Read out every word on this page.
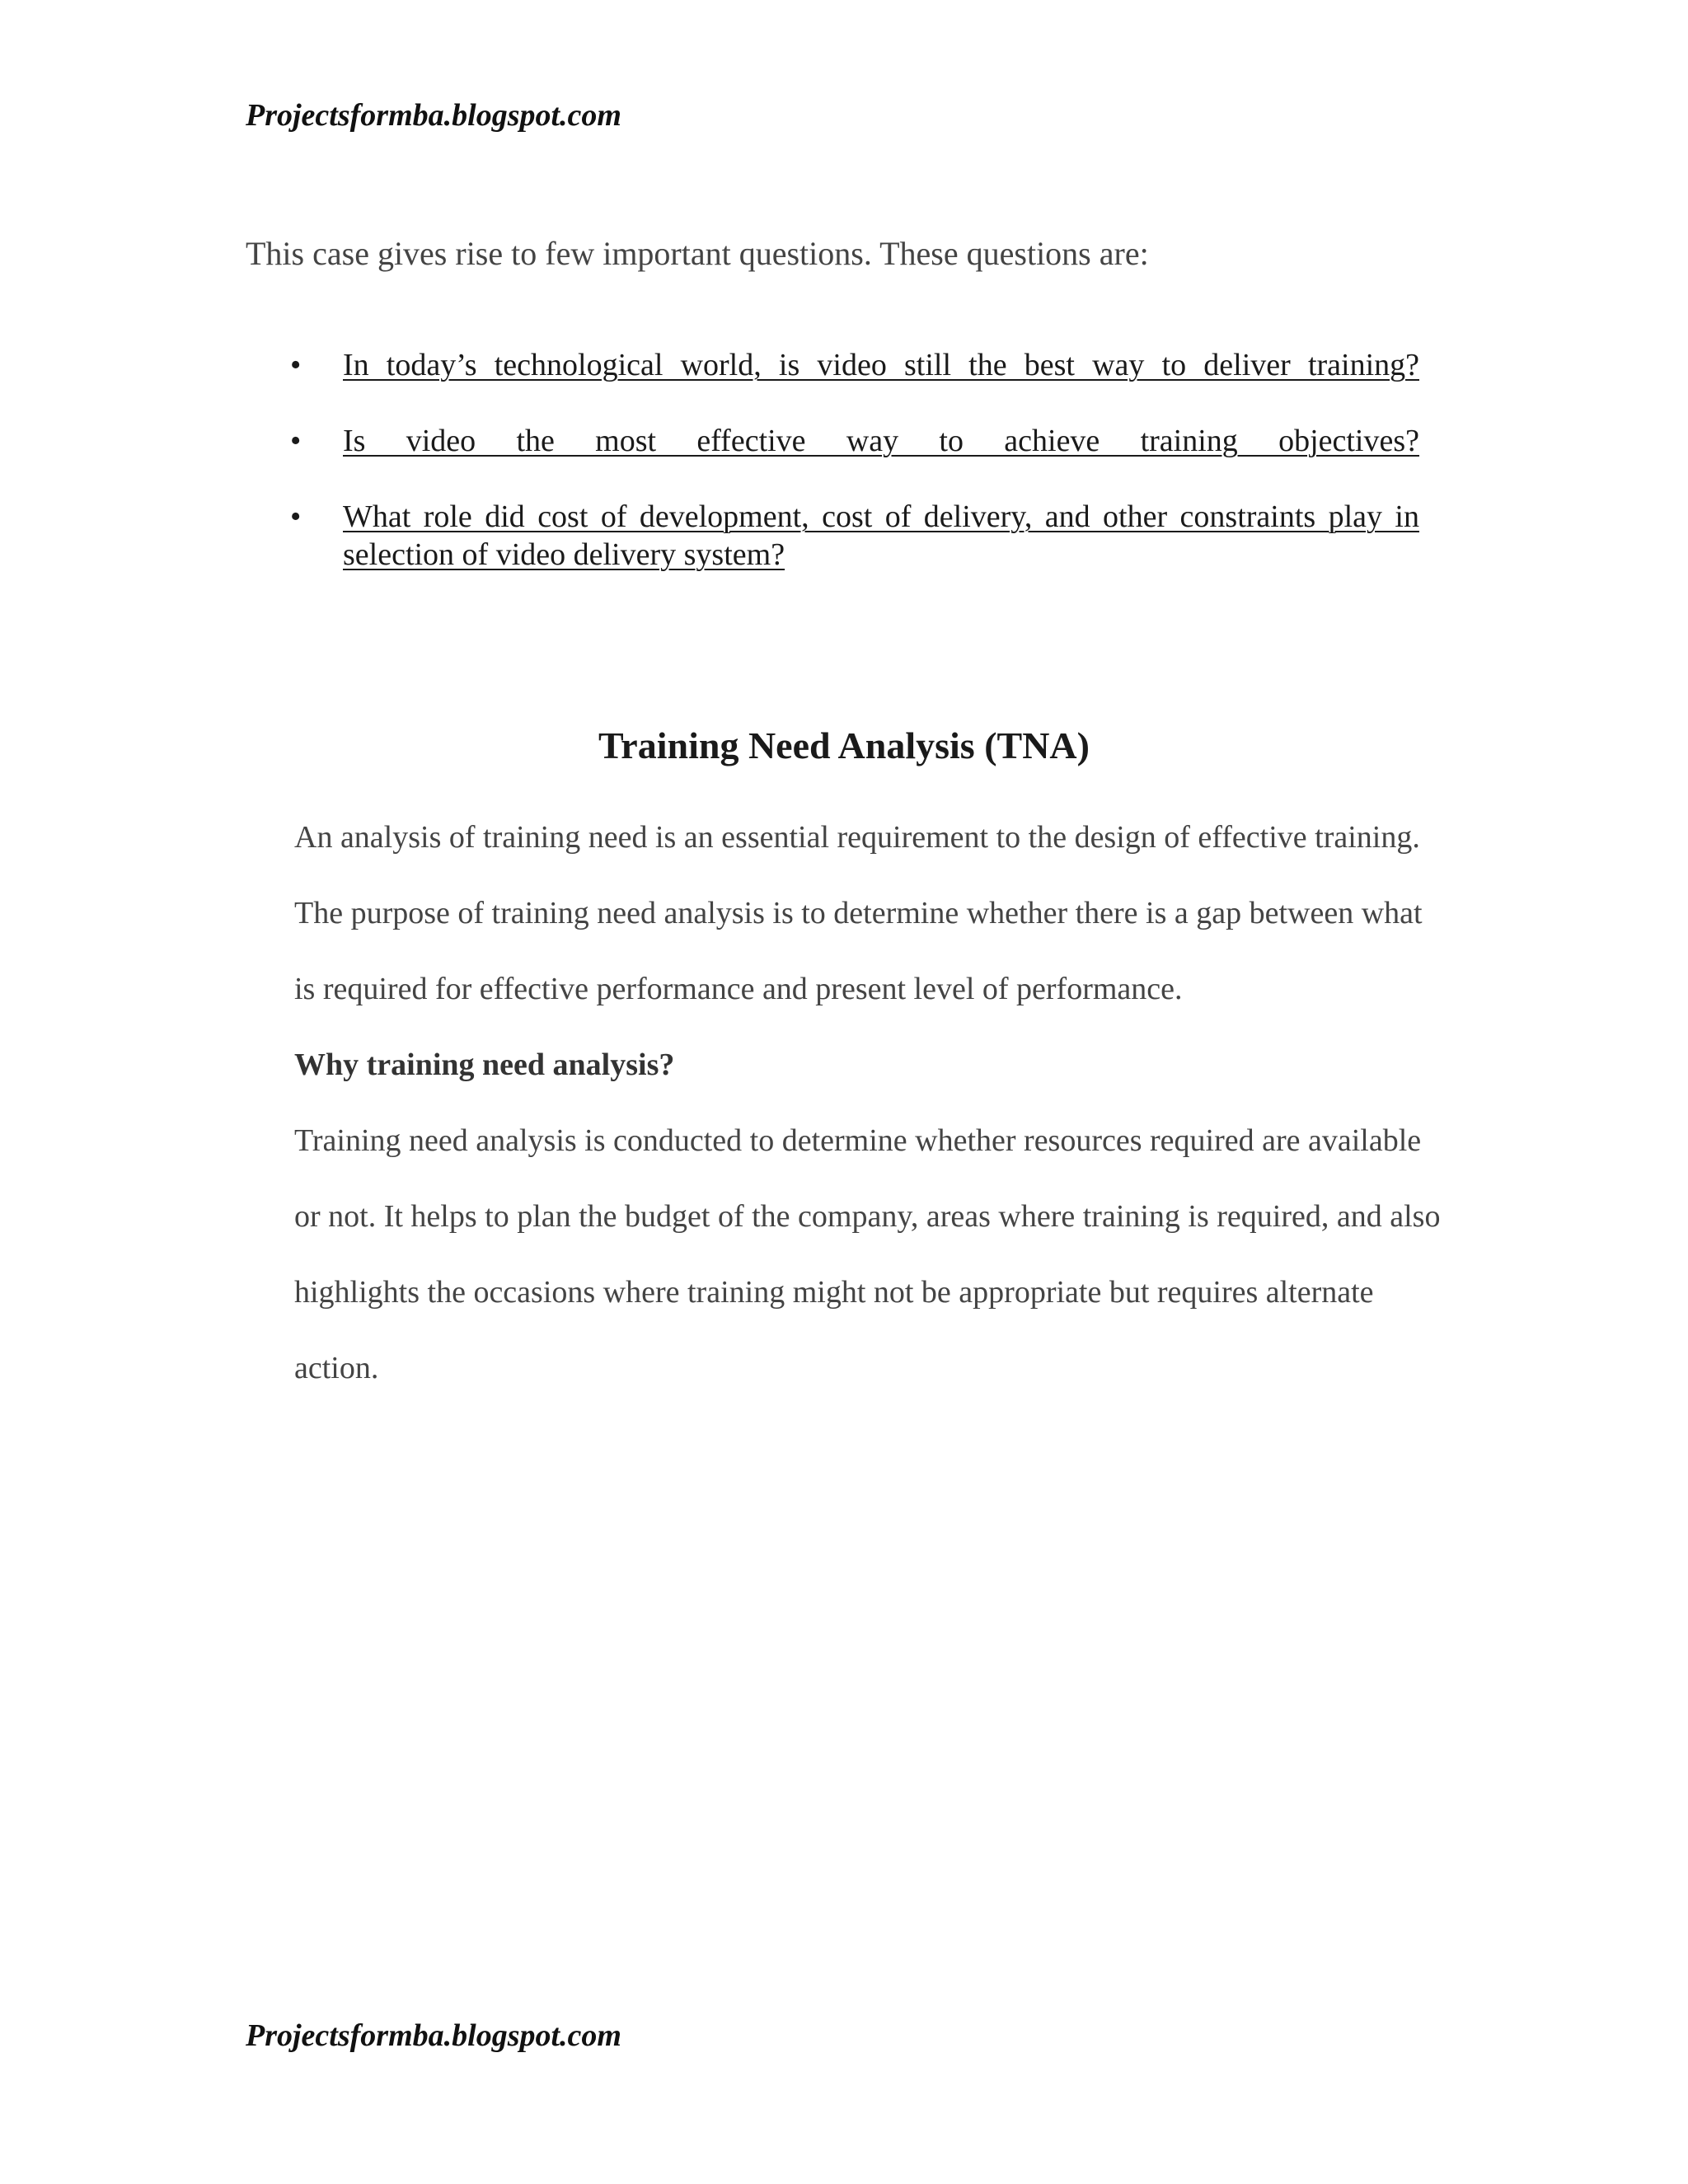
Projectsformba.blogspot.com

This case gives rise to few important questions. These questions are:

• In today’s technological world, is video still the best way to deliver training?
• Is video the most effective way to achieve training objectives?
• What role did cost of development, cost of delivery, and other constraints play in selection of video delivery system?
Training Need Analysis (TNA)

An analysis of training need is an essential requirement to the design of effective training. The purpose of training need analysis is to determine whether there is a gap between what is required for effective performance and present level of performance.

Why training need analysis?

Training need analysis is conducted to determine whether resources required are available or not. It helps to plan the budget of the company, areas where training is required, and also highlights the occasions where training might not be appropriate but requires alternate action.

Projectsformba.blogspot.com
